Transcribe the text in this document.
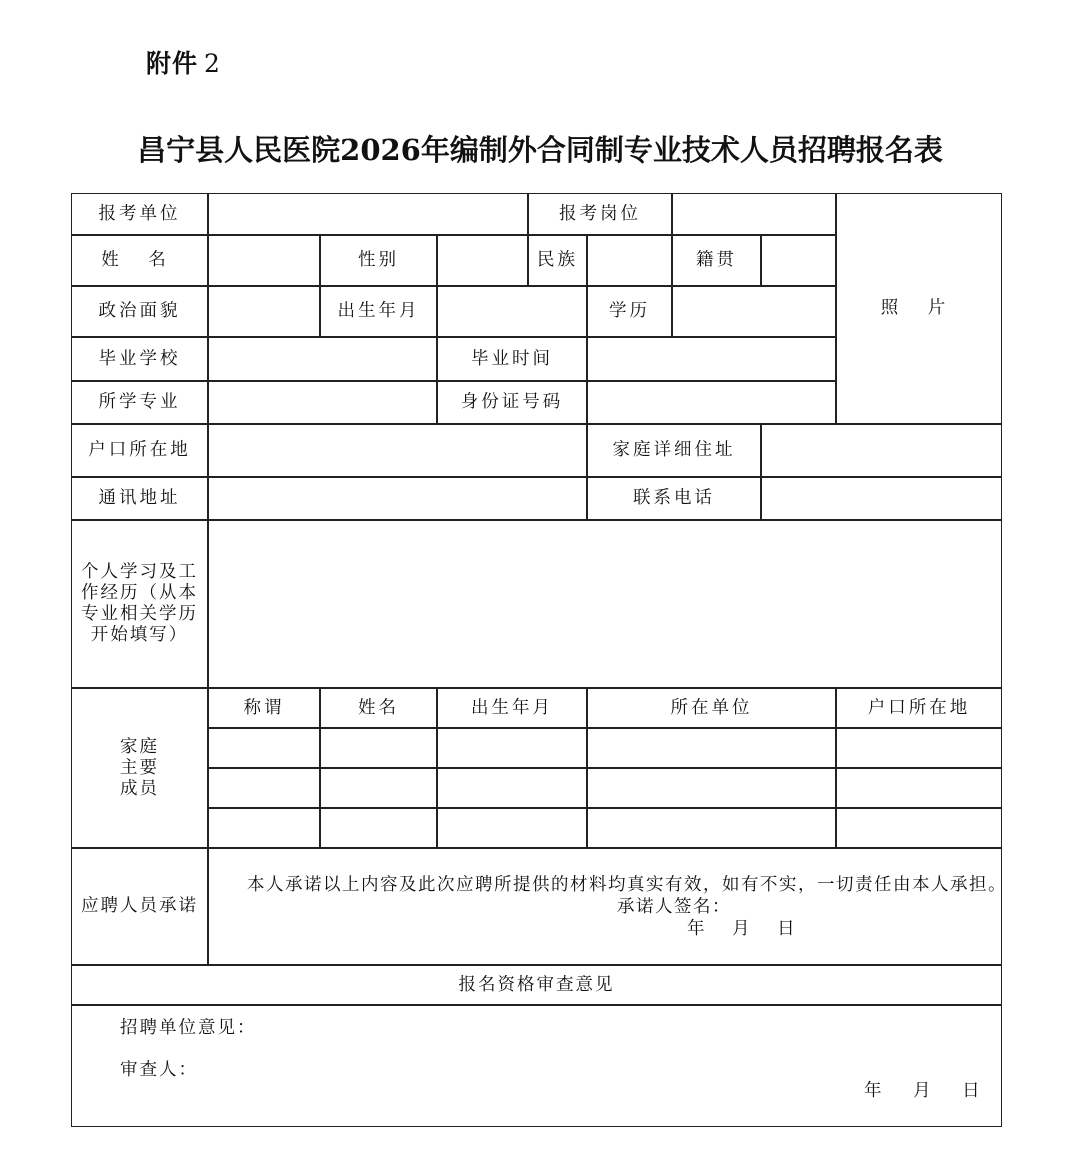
附件 2
昌宁县人民医院2026年编制外合同制专业技术人员招聘报名表
报考单位	报考岗位
照 片
姓 名	性别	民族	籍贯
政治面貌	出生年月	学历
毕业学校	毕业时间
所学专业	身份证号码
户口所在地	家庭详细住址
通讯地址	联系电话
个人学习及工作经历（从本专业相关学历开始填写）
家庭
主要
成员
称谓	姓名	出生年月	所在单位	户口所在地
应聘人员承诺
本人承诺以上内容及此次应聘所提供的材料均真实有效，如有不实，一切责任由本人承担。
承诺人签名：
年 月 日
报名资格审查意见
招聘单位意见：
审查人：
年 月 日
